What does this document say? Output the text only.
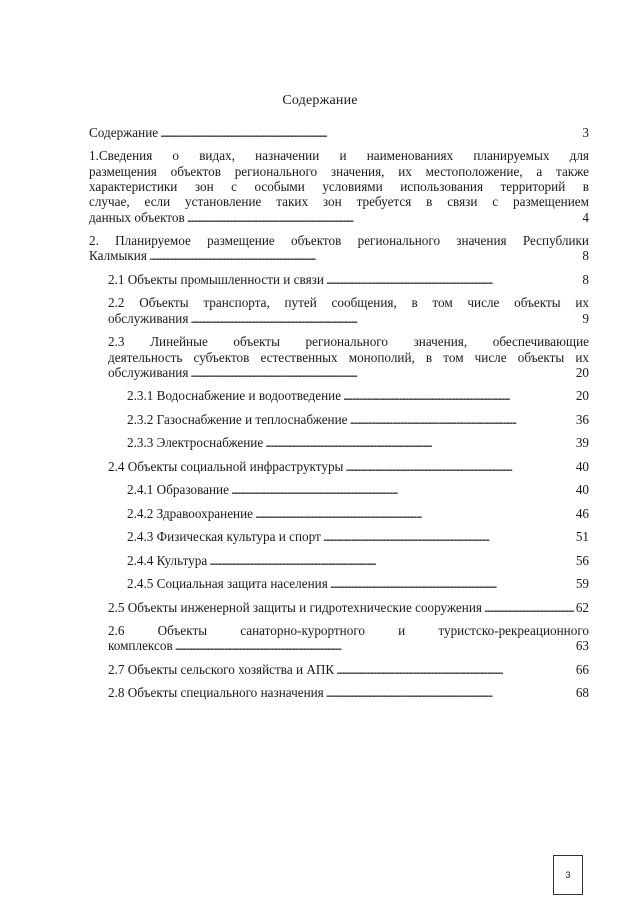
Содержание
Содержание . . .	3
1.Сведения о видах, назначении и наименованиях планируемых для
размещения объектов регионального значения, их местоположение, а также
характеристики зон с особыми условиями использования территорий в
случае, если установление таких зон требуется в связи с размещением
данных объектов . . .	4
2. Планируемое размещение объектов регионального значения Республики
Калмыкия . . .	8
2.1 Объекты промышленности и связи . . .	8
2.2 Объекты транспорта, путей сообщения, в том числе объекты их
обслуживания . . .	9
2.3 Линейные объекты регионального значения, обеспечивающие
деятельность субъектов естественных монополий, в том числе объекты их
обслуживания . . .	20
2.3.1 Водоснабжение и водоотведение . . .	20
2.3.2 Газоснабжение и теплоснабжение . . .	36
2.3.3 Электроснабжение . . .	39
2.4 Объекты социальной инфраструктуры . . .	40
2.4.1 Образование . . .	40
2.4.2 Здравоохранение . . .	46
2.4.3 Физическая культура и спорт . . .	51
2.4.4 Культура . . .	56
2.4.5 Социальная защита населения . . .	59
2.5 Объекты инженерной защиты и гидротехнические сооружения . . .	62
2.6 Объекты санаторно-курортного и туристско-рекреационного
комплексов . . .	63
2.7 Объекты сельского хозяйства и АПК . . .	66
2.8 Объекты специального назначения . . .	68
3
